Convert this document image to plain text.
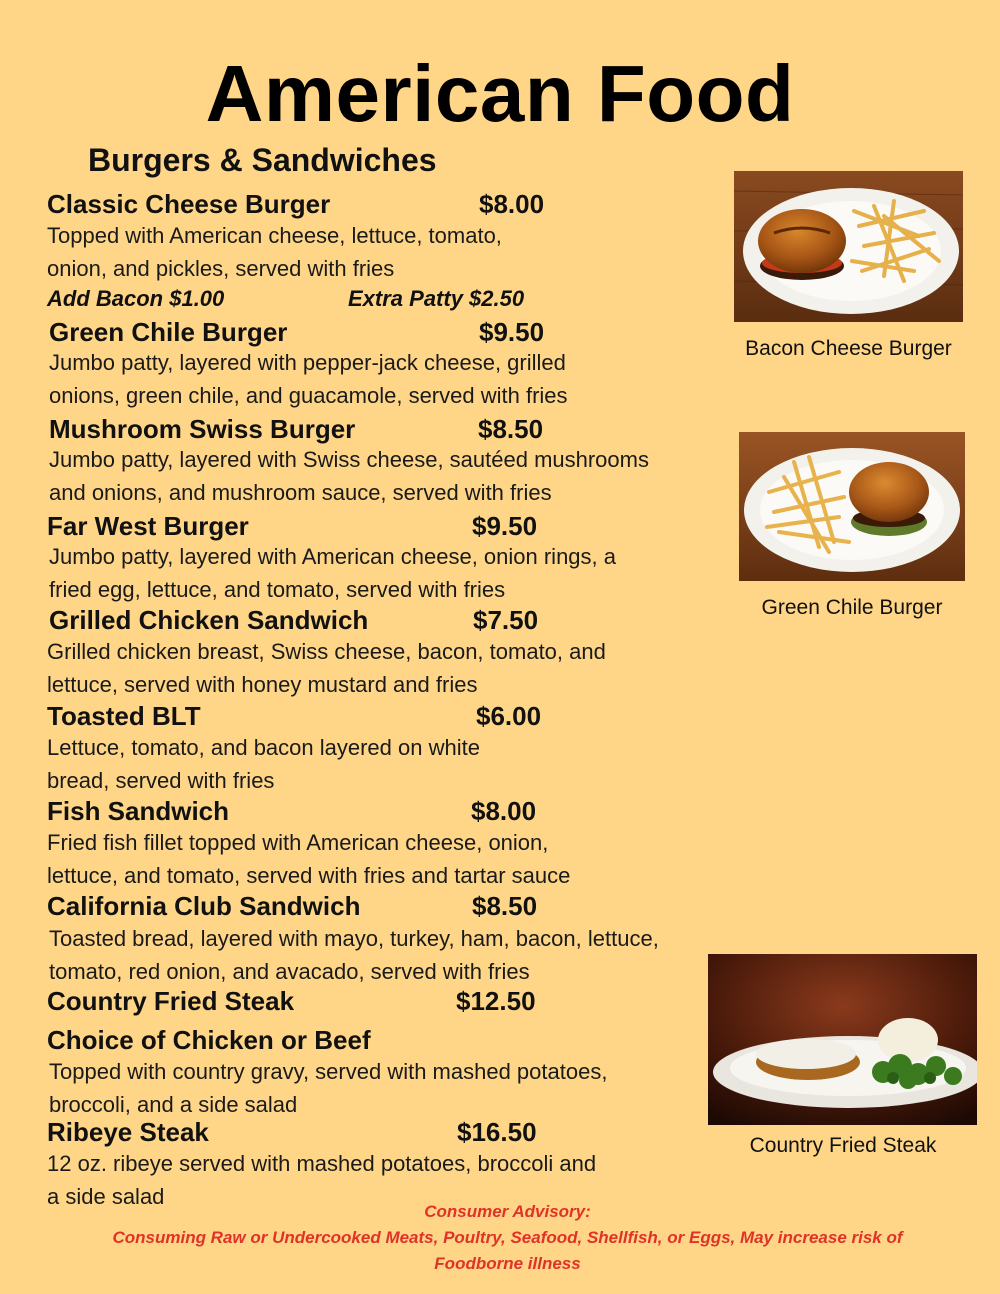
American Food
Burgers & Sandwiches
Classic Cheese Burger	$8.00
Topped with American cheese, lettuce, tomato,
onion, and pickles, served with fries
Add Bacon $1.00	Extra Patty $2.50
Green Chile Burger	$9.50
Jumbo patty, layered with pepper-jack cheese, grilled
onions, green chile, and guacamole, served with fries
Mushroom Swiss Burger	$8.50
Jumbo patty, layered with Swiss cheese, sautéed mushrooms
and onions, and mushroom sauce, served with fries
Far West Burger	$9.50
Jumbo patty, layered with American cheese, onion rings, a
fried egg, lettuce, and tomato, served with fries
Grilled Chicken Sandwich	$7.50
Grilled chicken breast, Swiss cheese, bacon, tomato, and
lettuce, served with honey mustard and fries
Toasted BLT	$6.00
Lettuce, tomato, and bacon layered on white
bread, served with fries
Fish Sandwich	$8.00
Fried fish fillet topped with American cheese, onion,
lettuce, and tomato, served with fries and tartar sauce
California Club Sandwich	$8.50
Toasted bread, layered with mayo, turkey, ham, bacon, lettuce,
tomato, red onion, and avacado, served with fries
Country Fried Steak	$12.50
Choice of Chicken or Beef
Topped with country gravy, served with mashed potatoes,
broccoli, and a side salad
Ribeye Steak	$16.50
12 oz. ribeye served with mashed potatoes, broccoli and
a side salad
Bacon Cheese Burger
Green Chile Burger
Country Fried Steak
Consumer Advisory:
Consuming Raw or Undercooked Meats, Poultry, Seafood, Shellfish, or Eggs, May increase risk of
Foodborne illness
